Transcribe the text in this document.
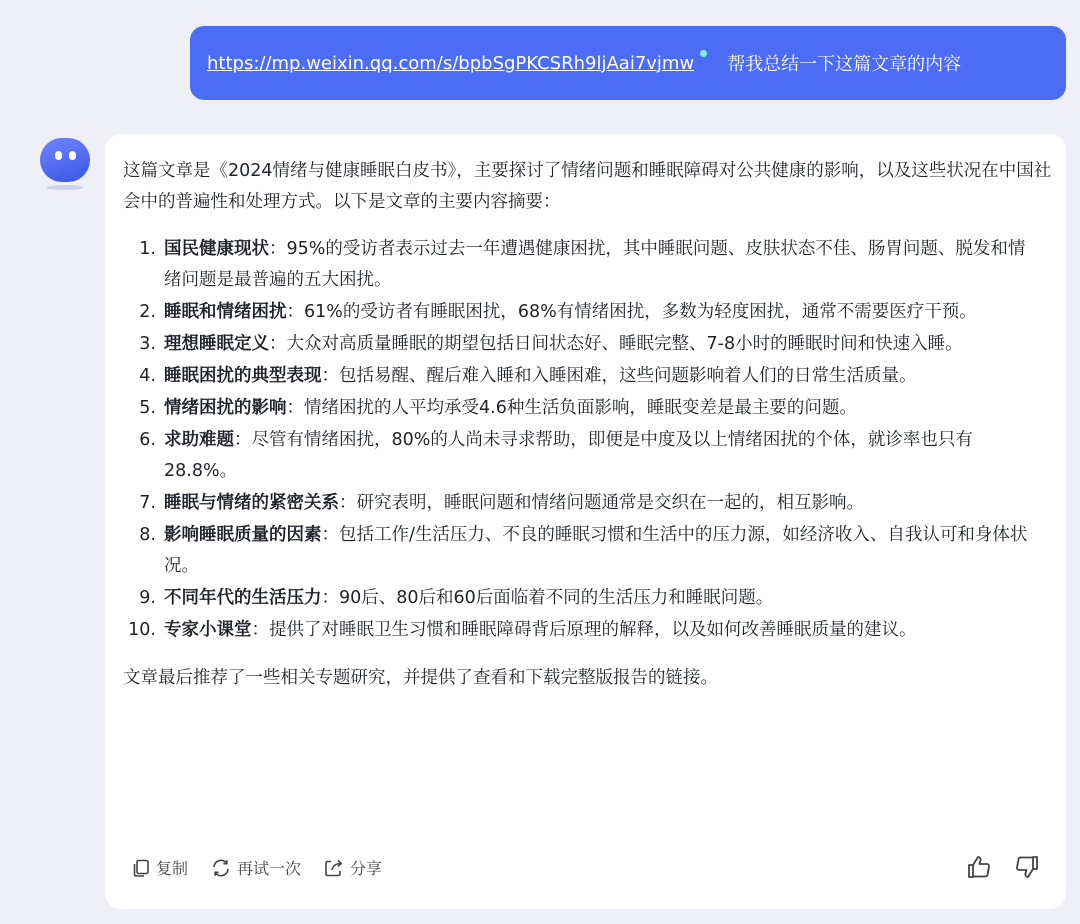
https://mp.weixin.qq.com/s/bpbSgPKCSRh9ljAai7vjmw 帮我总结一下这篇文章的内容

这篇文章是《2024情绪与健康睡眠白皮书》，主要探讨了情绪问题和睡眠障碍对公共健康的影响，以及这些状况在中国社会中的普遍性和处理方式。以下是文章的主要内容摘要：

1. 国民健康现状：95%的受访者表示过去一年遭遇健康困扰，其中睡眠问题、皮肤状态不佳、肠胃问题、脱发和情绪问题是最普遍的五大困扰。
2. 睡眠和情绪困扰：61%的受访者有睡眠困扰，68%有情绪困扰，多数为轻度困扰，通常不需要医疗干预。
3. 理想睡眠定义：大众对高质量睡眠的期望包括日间状态好、睡眠完整、7-8小时的睡眠时间和快速入睡。
4. 睡眠困扰的典型表现：包括易醒、醒后难入睡和入睡困难，这些问题影响着人们的日常生活质量。
5. 情绪困扰的影响：情绪困扰的人平均承受4.6种生活负面影响，睡眠变差是最主要的问题。
6. 求助难题：尽管有情绪困扰，80%的人尚未寻求帮助，即便是中度及以上情绪困扰的个体，就诊率也只有28.8%。
7. 睡眠与情绪的紧密关系：研究表明，睡眠问题和情绪问题通常是交织在一起的，相互影响。
8. 影响睡眠质量的因素：包括工作/生活压力、不良的睡眠习惯和生活中的压力源，如经济收入、自我认可和身体状况。
9. 不同年代的生活压力：90后、80后和60后面临着不同的生活压力和睡眠问题。
10. 专家小课堂：提供了对睡眠卫生习惯和睡眠障碍背后原理的解释，以及如何改善睡眠质量的建议。

文章最后推荐了一些相关专题研究，并提供了查看和下载完整版报告的链接。

复制	再试一次	分享
